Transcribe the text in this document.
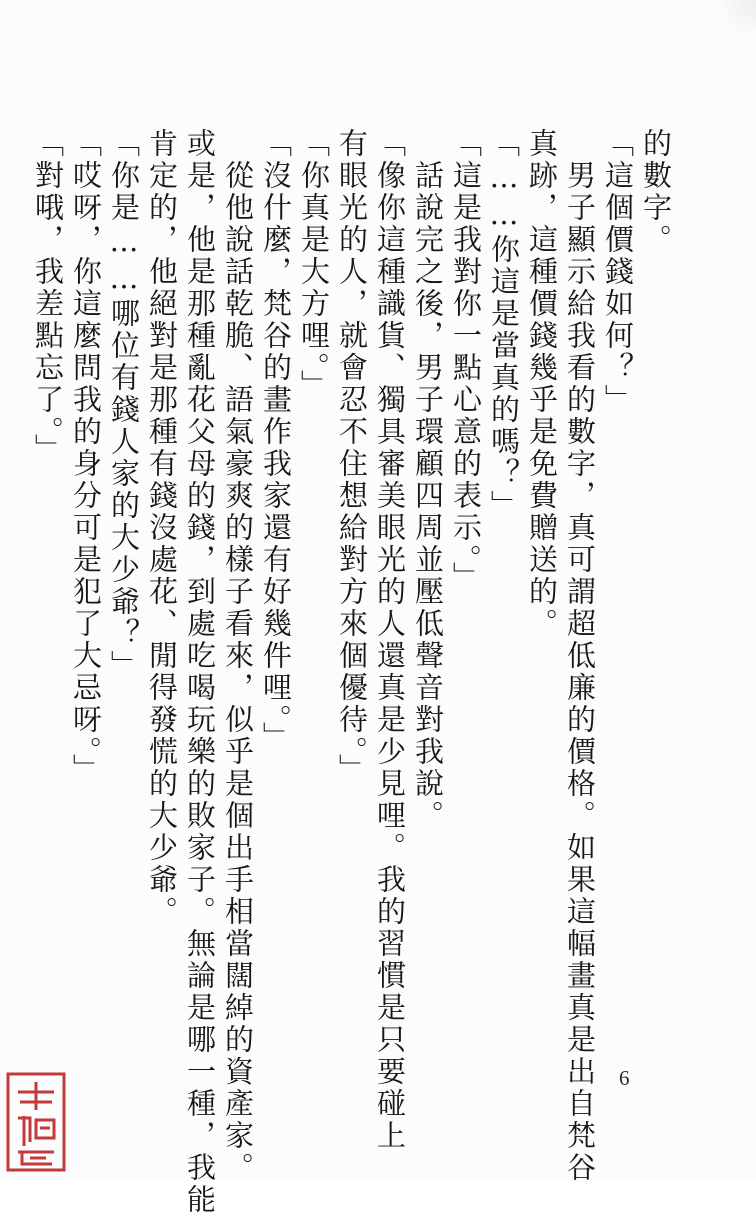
的數字。
「這個價錢如何？」
　男子顯示給我看的數字，真可謂超低廉的價格。如果這幅畫真是出自梵谷
真跡，這種價錢幾乎是免費贈送的。
「……你這是當真的嗎？」
「這是我對你一點心意的表示。」
　話說完之後，男子環顧四周並壓低聲音對我說。
「像你這種識貨、獨具審美眼光的人還真是少見哩。我的習慣是只要碰上
有眼光的人，就會忍不住想給對方來個優待。」
「你真是大方哩。」
「沒什麼，梵谷的畫作我家還有好幾件哩。」
　從他說話乾脆、語氣豪爽的樣子看來，似乎是個出手相當闊綽的資產家。
或是，他是那種亂花父母的錢，到處吃喝玩樂的敗家子。無論是哪一種，我能
肯定的，他絕對是那種有錢沒處花、閒得發慌的大少爺。
「你是……哪位有錢人家的大少爺？」
「哎呀，你這麼問我的身分可是犯了大忌呀。」
「對哦，我差點忘了。」
6
